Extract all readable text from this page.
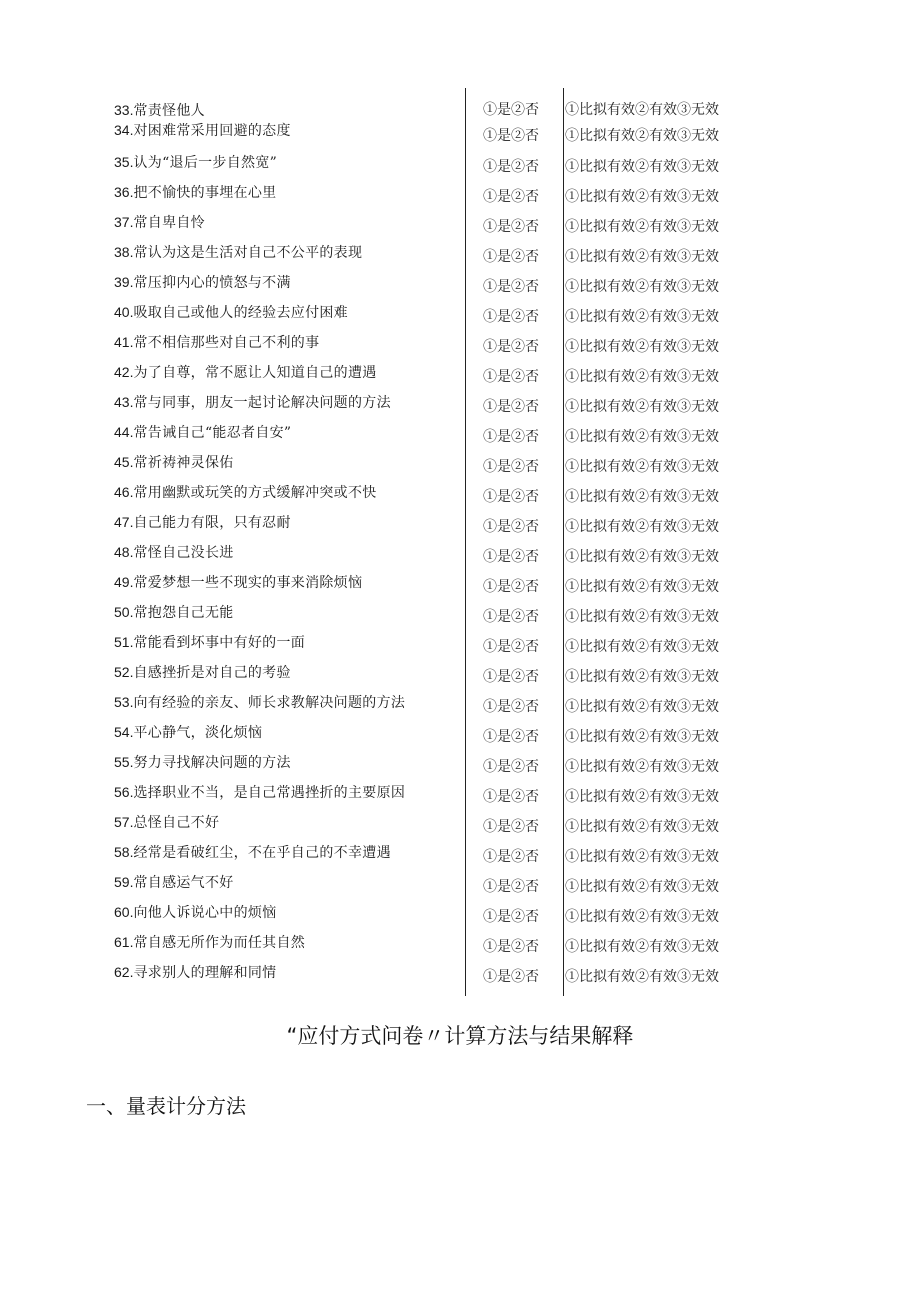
33.常责怪他人	①是②否 ①比拟有效②有效③无效
34.对困难常采用回避的态度	①是②否 ①比拟有效②有效③无效
35.认为“退后一步自然宽”	①是②否 ①比拟有效②有效③无效
36.把不愉快的事埋在心里	①是②否 ①比拟有效②有效③无效
37.常自卑自怜	①是②否 ①比拟有效②有效③无效
38.常认为这是生活对自己不公平的表现	①是②否 ①比拟有效②有效③无效
39.常压抑内心的愤怒与不满	①是②否 ①比拟有效②有效③无效
40.吸取自己或他人的经验去应付困难	①是②否 ①比拟有效②有效③无效
41.常不相信那些对自己不利的事	①是②否 ①比拟有效②有效③无效
42.为了自尊，常不愿让人知道自己的遭遇	①是②否 ①比拟有效②有效③无效
43.常与同事，朋友一起讨论解决问题的方法	①是②否 ①比拟有效②有效③无效
44.常告诫自己“能忍者自安”	①是②否 ①比拟有效②有效③无效
45.常祈祷神灵保佑	①是②否 ①比拟有效②有效③无效
46.常用幽默或玩笑的方式缓解冲突或不快	①是②否 ①比拟有效②有效③无效
47.自己能力有限，只有忍耐	①是②否 ①比拟有效②有效③无效
48.常怪自己没长进	①是②否 ①比拟有效②有效③无效
49.常爱梦想一些不现实的事来消除烦恼	①是②否 ①比拟有效②有效③无效
50.常抱怨自己无能	①是②否 ①比拟有效②有效③无效
51.常能看到坏事中有好的一面	①是②否 ①比拟有效②有效③无效
52.自感挫折是对自己的考验	①是②否 ①比拟有效②有效③无效
53.向有经验的亲友、师长求教解决问题的方法	①是②否 ①比拟有效②有效③无效
54.平心静气，淡化烦恼	①是②否 ①比拟有效②有效③无效
55.努力寻找解决问题的方法	①是②否 ①比拟有效②有效③无效
56.选择职业不当，是自己常遇挫折的主要原因	①是②否 ①比拟有效②有效③无效
57.总怪自己不好	①是②否 ①比拟有效②有效③无效
58.经常是看破红尘，不在乎自己的不幸遭遇	①是②否 ①比拟有效②有效③无效
59.常自感运气不好	①是②否 ①比拟有效②有效③无效
60.向他人诉说心中的烦恼	①是②否 ①比拟有效②有效③无效
61.常自感无所作为而任其自然	①是②否 ①比拟有效②有效③无效
62.寻求别人的理解和同情	①是②否 ①比拟有效②有效③无效
“应付方式问卷〃计算方法与结果解释
一、量表计分方法
